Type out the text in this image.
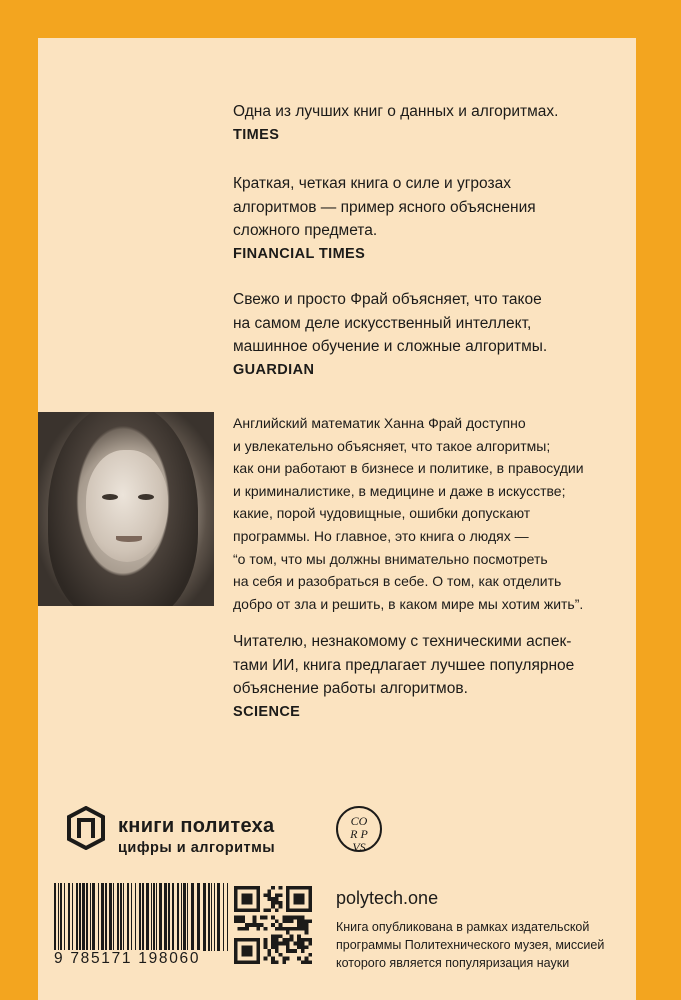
Одна из лучших книг о данных и алгоритмах.

TIMES

Краткая, четкая книга о силе и угрозах
алгоритмов — пример ясного объяснения
сложного предмета.

FINANCIAL TIMES

Свежо и просто Фрай объясняет, что такое
на самом деле искусственный интеллект,
машинное обучение и сложные алгоритмы.

GUARDIAN

Английский математик Ханна Фрай доступно
и увлекательно объясняет, что такое алгоритмы;
как они работают в бизнесе и политике, в правосудии
и криминалистике, в медицине и даже в искусстве;
какие, порой чудовищные, ошибки допускают
программы. Но главное, это книга о людях —
“о том, что мы должны внимательно посмотреть
на себя и разобраться в себе. О том, как отделить
добро от зла и решить, в каком мире мы хотим жить”.

Читателю, незнакомому с техническими аспек-
тами ИИ, книга предлагает лучшее популярное
объяснение работы алгоритмов.

SCIENCE

книги политеха
цифры и алгоритмы
CO
R P
VS
9 785171 198060
polytech.one
Книга опубликована в рамках издательской
программы Политехнического музея, миссией
которого является популяризация науки
